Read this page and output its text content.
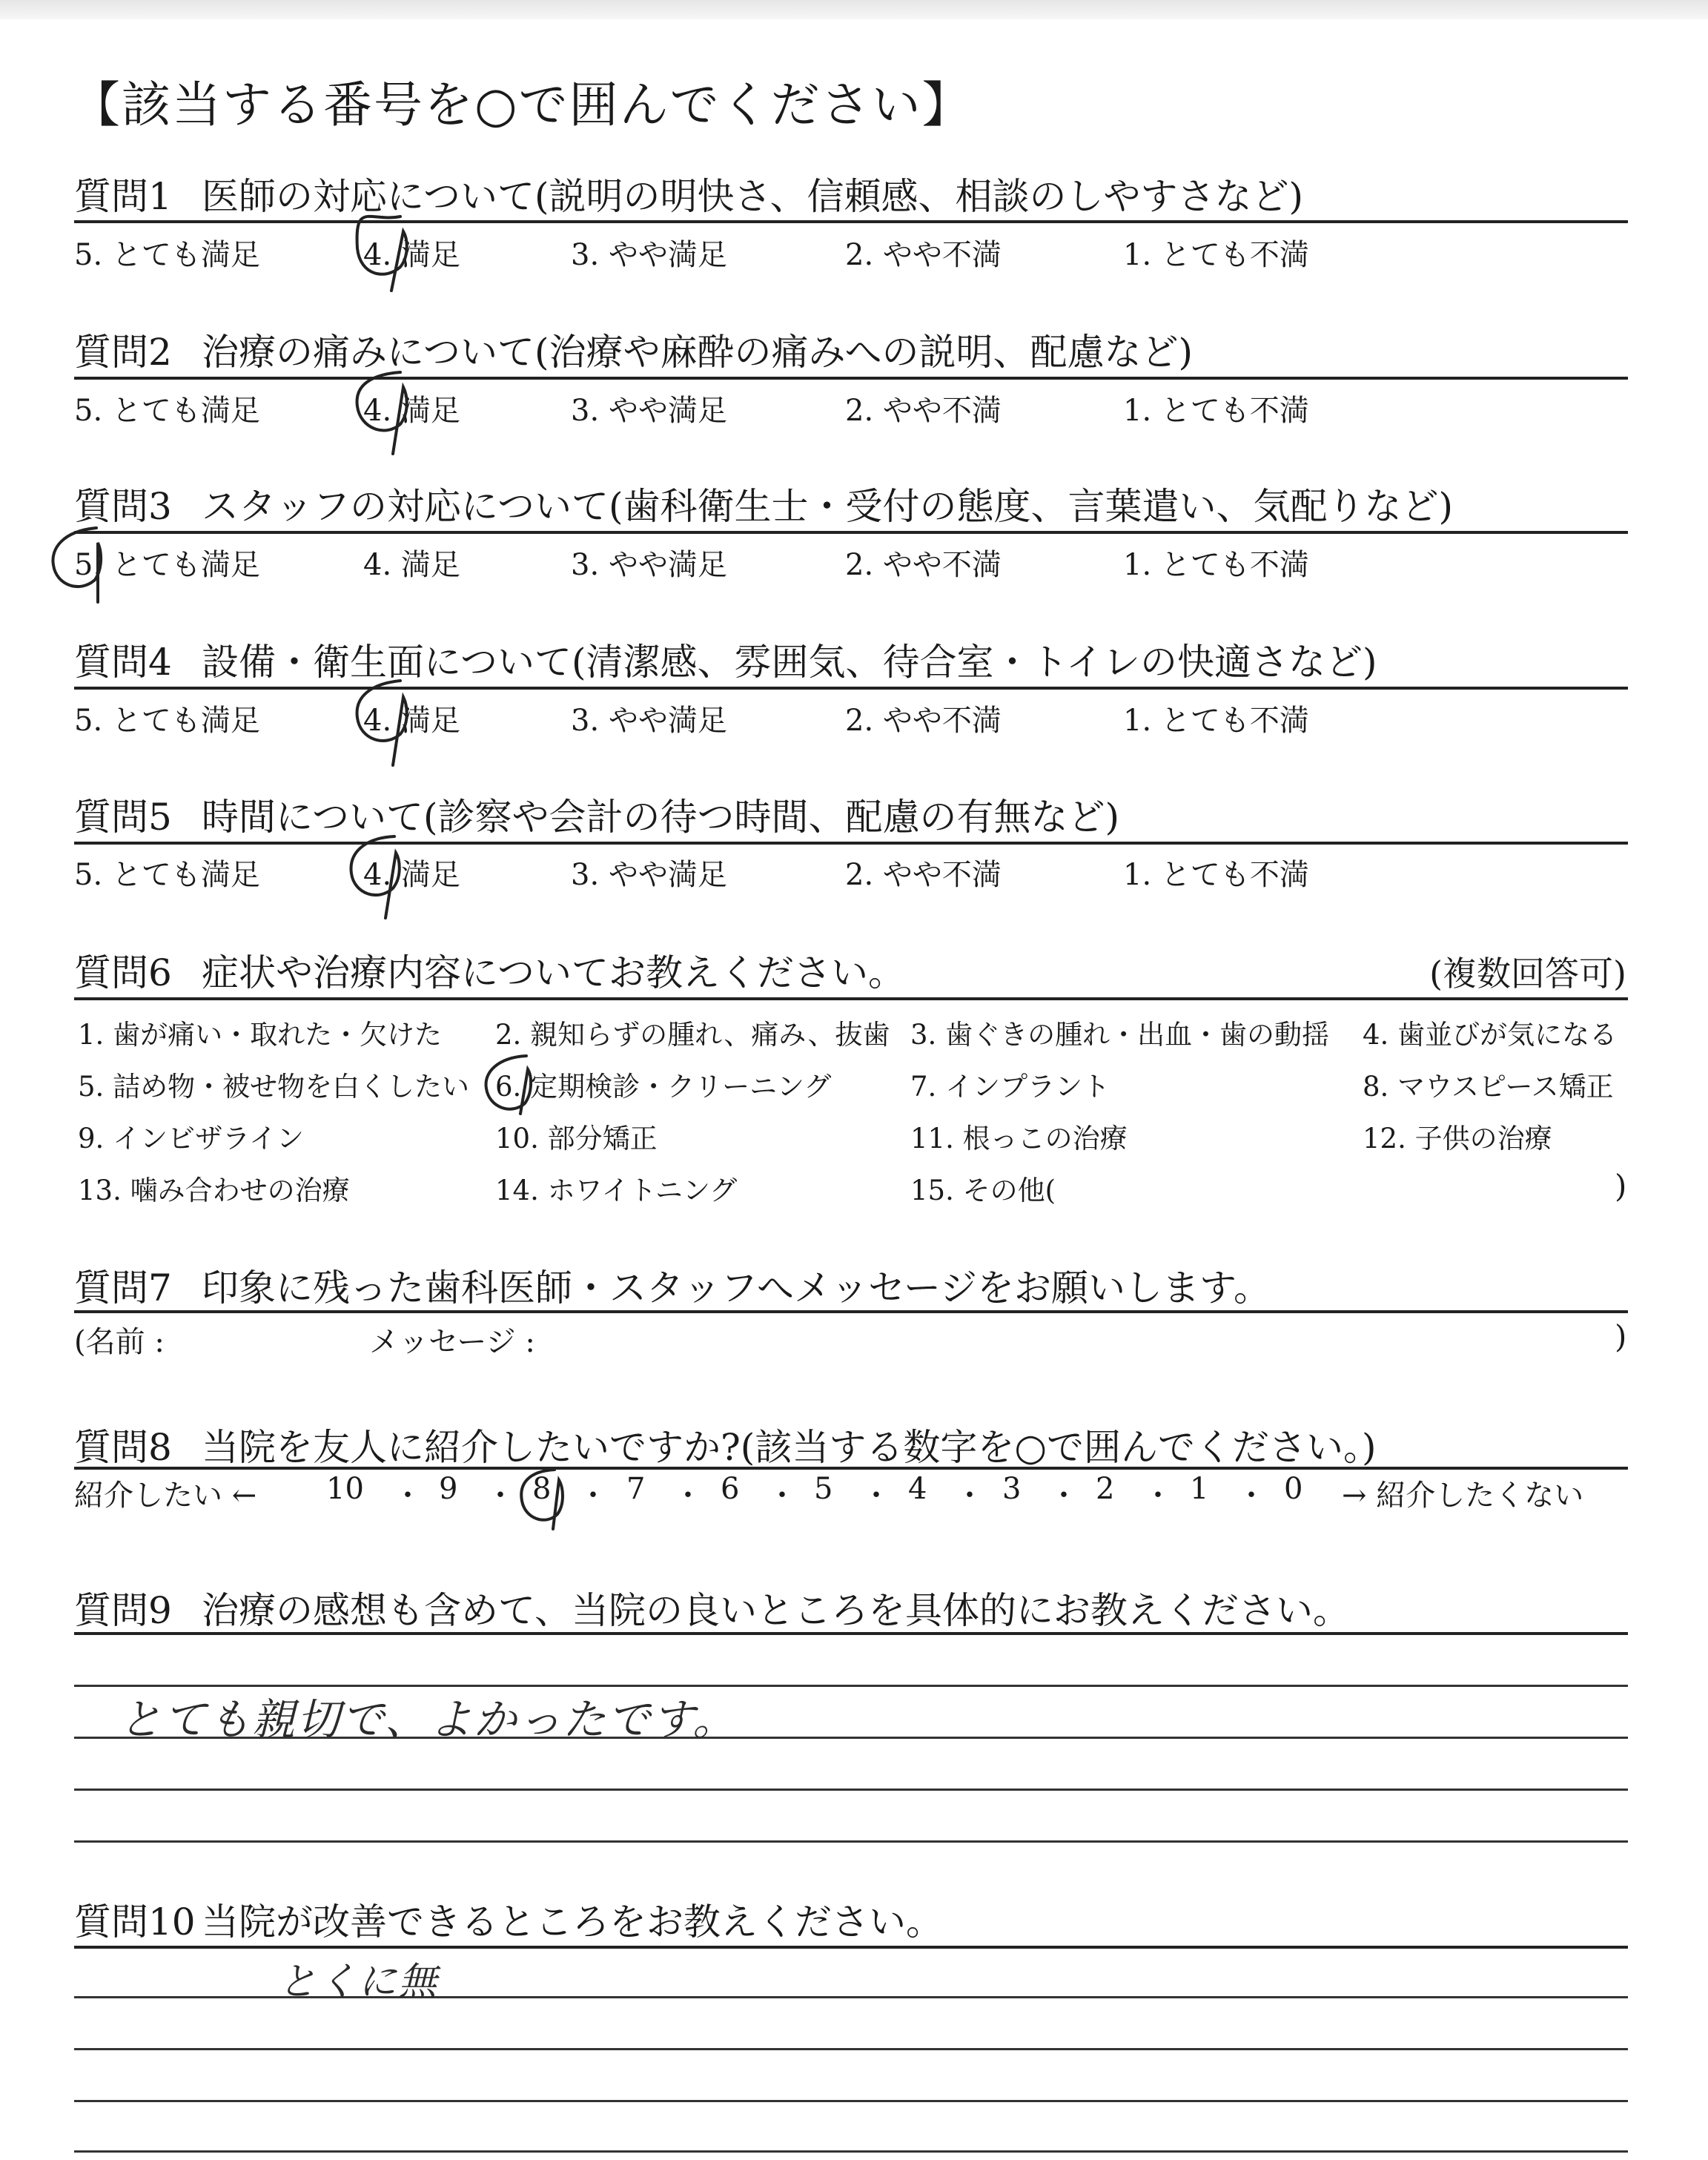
【該当する番号を○で囲んでください】
質問1 医師の対応について(説明の明快さ、信頼感、相談のしやすさなど)
5. とても満足	4. 満足	3. やや満足	2. やや不満	1. とても不満
質問2 治療の痛みについて(治療や麻酔の痛みへの説明、配慮など)
5. とても満足	4. 満足	3. やや満足	2. やや不満	1. とても不満
質問3 スタッフの対応について(歯科衛生士・受付の態度、言葉遣い、気配りなど)
5. とても満足	4. 満足	3. やや満足	2. やや不満	1. とても不満
質問4 設備・衛生面について(清潔感、雰囲気、待合室・トイレの快適さなど)
5. とても満足	4. 満足	3. やや満足	2. やや不満	1. とても不満
質問5 時間について(診察や会計の待つ時間、配慮の有無など)
5. とても満足	4. 満足	3. やや満足	2. やや不満	1. とても不満
質問6 症状や治療内容についてお教えください。	(複数回答可)
1. 歯が痛い・取れた・欠けた 2. 親知らずの腫れ、痛み、抜歯 3. 歯ぐきの腫れ・出血・歯の動揺 4. 歯並びが気になる
5. 詰め物・被せ物を白くしたい 6. 定期検診・クリーニング	7. インプラント	8. マウスピース矯正
9. インビザライン	10. 部分矯正	11. 根っこの治療	12. 子供の治療
13. 噛み合わせの治療	14. ホワイトニング	15. その他(	)
質問7 印象に残った歯科医師・スタッフへメッセージをお願いします。
(名前 :	メッセージ :	)
質問8 当院を友人に紹介したいですか?(該当する数字を○で囲んでください。)
紹介したい ← 10 ・ 9 ・ 8 ・ 7 ・ 6 ・ 5 ・ 4 ・ 3 ・ 2 ・ 1 ・ 0 → 紹介したくない
質問9 治療の感想も含めて、当院の良いところを具体的にお教えください。
とても親切で、よかったです。
質問10 当院が改善できるところをお教えください。
とくに無
